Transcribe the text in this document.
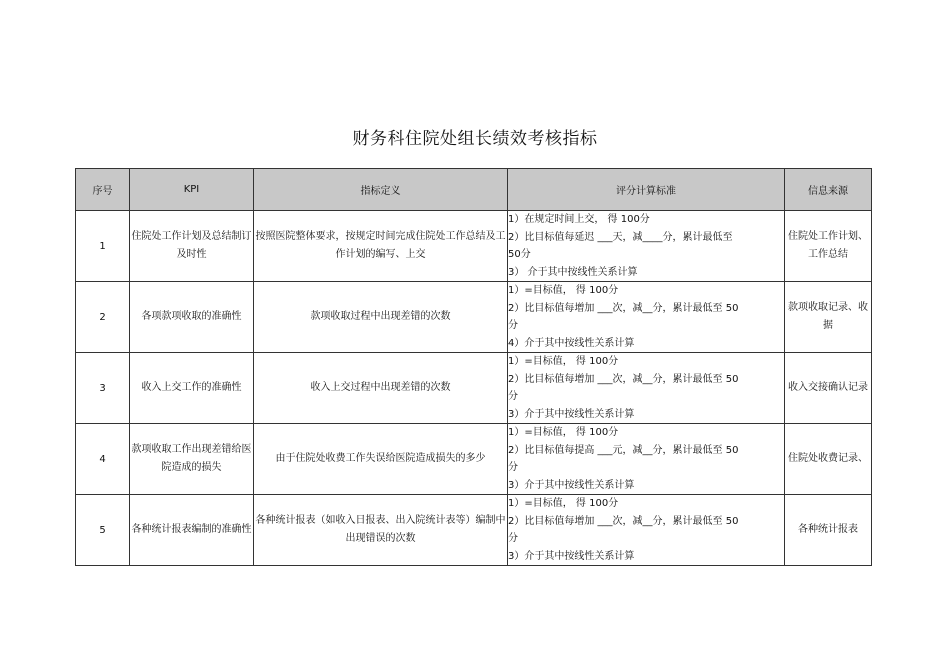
财务科住院处组长绩效考核指标
序号	KPI	指标定义	评分计算标准	信息来源
1	住院处工作计划及总结制订及时性	按照医院整体要求，按规定时间完成住院处工作总结及工作计划的编写、上交	1）在规定时间上交， 得 100分
2）比目标值每延迟 ___天，减____分，累计最低至
50分
3） 介于其中按线性关系计算	住院处工作计划、工作总结
2	各项款项收取的准确性	款项收取过程中出现差错的次数	1）=目标值， 得 100分
2）比目标值每增加 ___次，减__分，累计最低至 50
分
4）介于其中按线性关系计算	款项收取记录、收据
3	收入上交工作的准确性	收入上交过程中出现差错的次数	1）=目标值， 得 100分
2）比目标值每增加 ___次，减__分，累计最低至 50
分
3）介于其中按线性关系计算	收入交接确认记录
4	款项收取工作出现差错给医院造成的损失	由于住院处收费工作失误给医院造成损失的多少	1）=目标值， 得 100分
2）比目标值每提高 ___元，减__分，累计最低至 50
分
3）介于其中按线性关系计算	住院处收费记录、
5	各种统计报表编制的准确性	各种统计报表（如收入日报表、出入院统计表等）编制中出现错误的次数	1）=目标值， 得 100分
2）比目标值每增加 ___次，减__分，累计最低至 50
分
3）介于其中按线性关系计算	各种统计报表
